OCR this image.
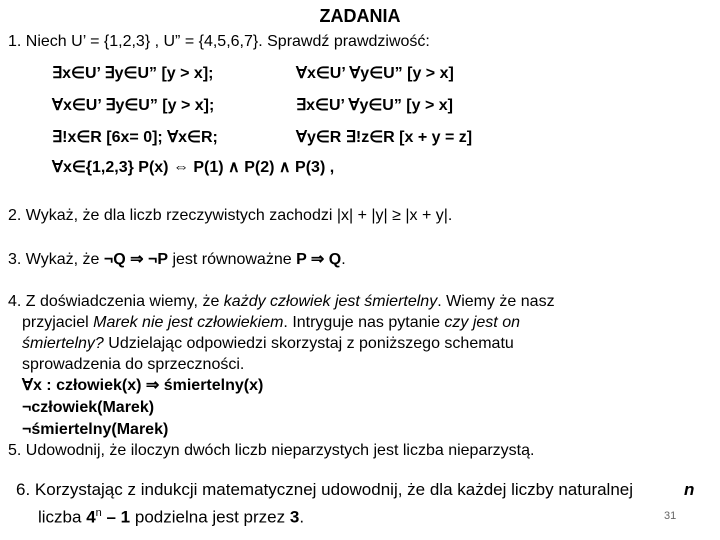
ZADANIA
1. Niech U’ = {1,2,3} , U” = {4,5,6,7}. Sprawdź prawdziwość:
∃x∈U’ ∃y∈U” [y > x];	∀x∈U’ ∀y∈U” [y > x]
∀x∈U’ ∃y∈U” [y > x];	∃x∈U’ ∀y∈U” [y > x]
∃!x∈R [6x= 0]; ∀x∈R;	∀y∈R ∃!z∈R [x + y = z]
∀x∈{1,2,3} P(x) ⇔ P(1) ∧ P(2) ∧ P(3) ,
2. Wykaż, że dla liczb rzeczywistych zachodzi |x| + |y| ≥ |x + y|.
3. Wykaż, że ¬Q ⇒ ¬P jest równoważne P ⇒ Q.
4. Z doświadczenia wiemy, że każdy człowiek jest śmiertelny. Wiemy że nasz
przyjaciel Marek nie jest człowiekiem. Intryguje nas pytanie czy jest on
śmiertelny? Udzielając odpowiedzi skorzystaj z poniższego schematu
sprowadzenia do sprzeczności.
∀x : człowiek(x) ⇒ śmiertelny(x)
¬człowiek(Marek)
¬śmiertelny(Marek)
5. Udowodnij, że iloczyn dwóch liczb nieparzystych jest liczba nieparzystą.
6. Korzystając z indukcji matematycznej udowodnij, że dla każdej liczby naturalnej	n
liczba 4$^n$ – 1 podzielna jest przez 3.	31
